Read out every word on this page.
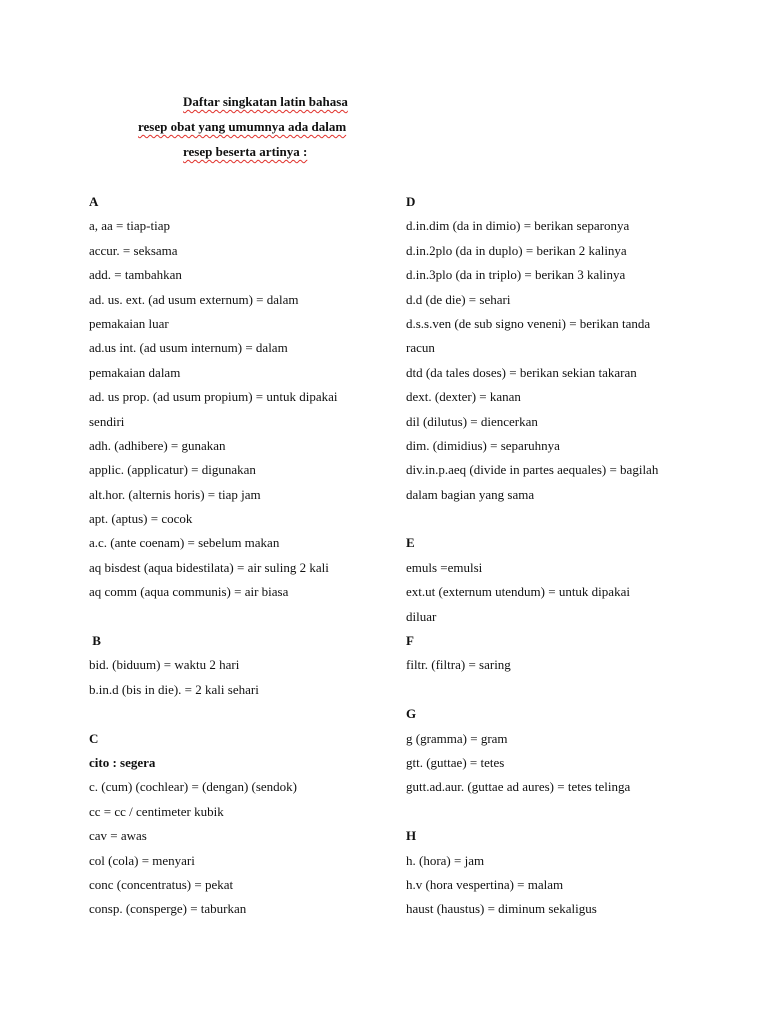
Daftar singkatan latin bahasa

resep obat yang umumnya ada dalam

resep beserta artinya :

A
a, aa = tiap-tiap
accur. = seksama
add. = tambahkan
ad. us. ext. (ad usum externum) = dalam
pemakaian luar
ad.us int. (ad usum internum) = dalam
pemakaian dalam
ad. us prop. (ad usum propium) = untuk dipakai
sendiri
adh. (adhibere) = gunakan
applic. (applicatur) = digunakan
alt.hor. (alternis horis) = tiap jam
apt. (aptus) = cocok
a.c. (ante coenam) = sebelum makan
aq bisdest (aqua bidestilata) = air suling 2 kali
aq comm (aqua communis) = air biasa
B
bid. (biduum) = waktu 2 hari
b.in.d (bis in die). = 2 kali sehari
C
cito : segera
c. (cum) (cochlear) = (dengan) (sendok)
cc = cc / centimeter kubik
cav = awas
col (cola) = menyari
conc (concentratus) = pekat
consp. (consperge) = taburkan
D
d.in.dim (da in dimio) = berikan separonya
d.in.2plo (da in duplo) = berikan 2 kalinya
d.in.3plo (da in triplo) = berikan 3 kalinya
d.d (de die) = sehari
d.s.s.ven (de sub signo veneni) = berikan tanda
racun
dtd (da tales doses) = berikan sekian takaran
dext. (dexter) = kanan
dil (dilutus) = diencerkan
dim. (dimidius) = separuhnya
div.in.p.aeq (divide in partes aequales) = bagilah
dalam bagian yang sama
E
emuls =emulsi
ext.ut (externum utendum) = untuk dipakai
diluar
F
filtr. (filtra) = saring
G
g (gramma) = gram
gtt. (guttae) = tetes
gutt.ad.aur. (guttae ad aures) = tetes telinga
H
h. (hora) = jam
h.v (hora vespertina) = malam
haust (haustus) = diminum sekaligus
